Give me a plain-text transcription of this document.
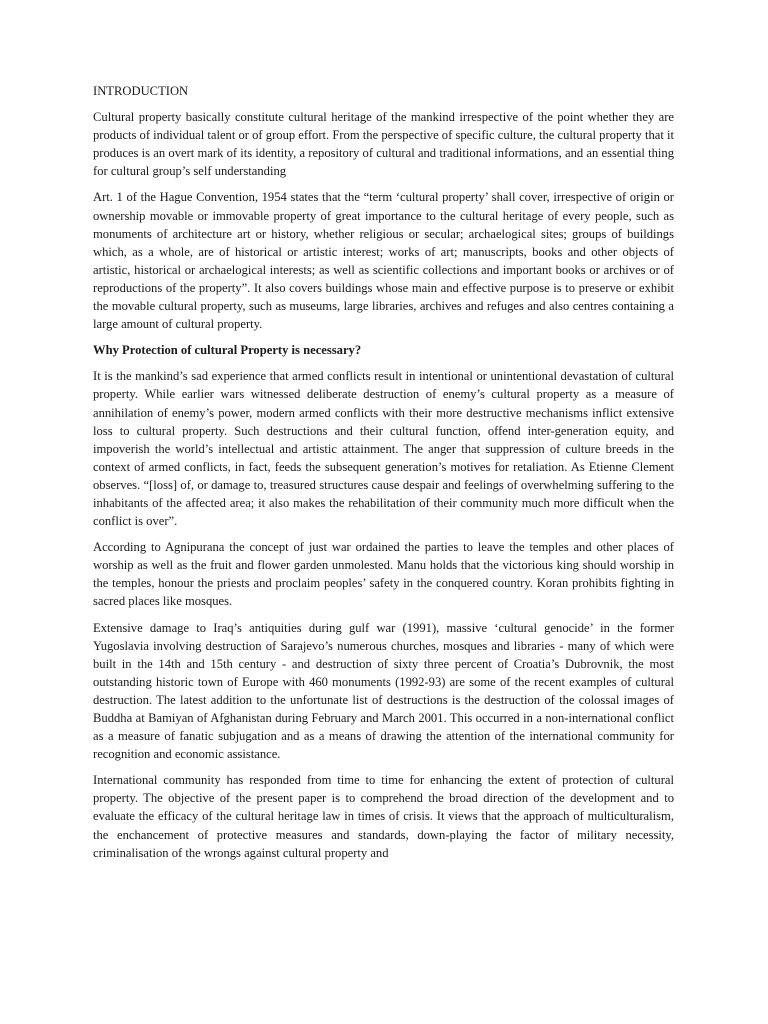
INTRODUCTION

Cultural property basically constitute cultural heritage of the mankind irrespective of the point whether they are products of individual talent or of group effort. From the perspective of specific culture, the cultural property that it produces is an overt mark of its identity, a repository of cultural and traditional informations, and an essential thing for cultural group’s self understanding

Art. 1 of the Hague Convention, 1954 states that the “term ‘cultural property’ shall cover, irrespective of origin or ownership movable or immovable property of great importance to the cultural heritage of every people, such as monuments of architecture art or history, whether religious or secular; archaelogical sites; groups of buildings which, as a whole, are of historical or artistic interest; works of art; manuscripts, books and other objects of artistic, historical or archaelogical interests; as well as scientific collections and important books or archives or of reproductions of the property”. It also covers buildings whose main and effective purpose is to preserve or exhibit the movable cultural property, such as museums, large libraries, archives and refuges and also centres containing a large amount of cultural property.

Why Protection of cultural Property is necessary?

It is the mankind’s sad experience that armed conflicts result in intentional or unintentional devastation of cultural property. While earlier wars witnessed deliberate destruction of enemy’s cultural property as a measure of annihilation of enemy’s power, modern armed conflicts with their more destructive mechanisms inflict extensive loss to cultural property. Such destructions and their cultural function, offend inter-generation equity, and impoverish the world’s intellectual and artistic attainment. The anger that suppression of culture breeds in the context of armed conflicts, in fact, feeds the subsequent generation’s motives for retaliation. As Etienne Clement observes. “[loss] of, or damage to, treasured structures cause despair and feelings of overwhelming suffering to the inhabitants of the affected area; it also makes the rehabilitation of their community much more difficult when the conflict is over”.

According to Agnipurana the concept of just war ordained the parties to leave the temples and other places of worship as well as the fruit and flower garden unmolested. Manu holds that the victorious king should worship in the temples, honour the priests and proclaim peoples’ safety in the conquered country. Koran prohibits fighting in sacred places like mosques.

Extensive damage to Iraq’s antiquities during gulf war (1991), massive ‘cultural genocide’ in the former Yugoslavia involving destruction of Sarajevo’s numerous churches, mosques and libraries - many of which were built in the 14th and 15th century - and destruction of sixty three percent of Croatia’s Dubrovnik, the most outstanding historic town of Europe with 460 monuments (1992-93) are some of the recent examples of cultural destruction. The latest addition to the unfortunate list of destructions is the destruction of the colossal images of Buddha at Bamiyan of Afghanistan during February and March 2001. This occurred in a non-international conflict as a measure of fanatic subjugation and as a means of drawing the attention of the international community for recognition and economic assistance.

International community has responded from time to time for enhancing the extent of protection of cultural property. The objective of the present paper is to comprehend the broad direction of the development and to evaluate the efficacy of the cultural heritage law in times of crisis. It views that the approach of multiculturalism, the enchancement of protective measures and standards, down-playing the factor of military necessity, criminalisation of the wrongs against cultural property and
